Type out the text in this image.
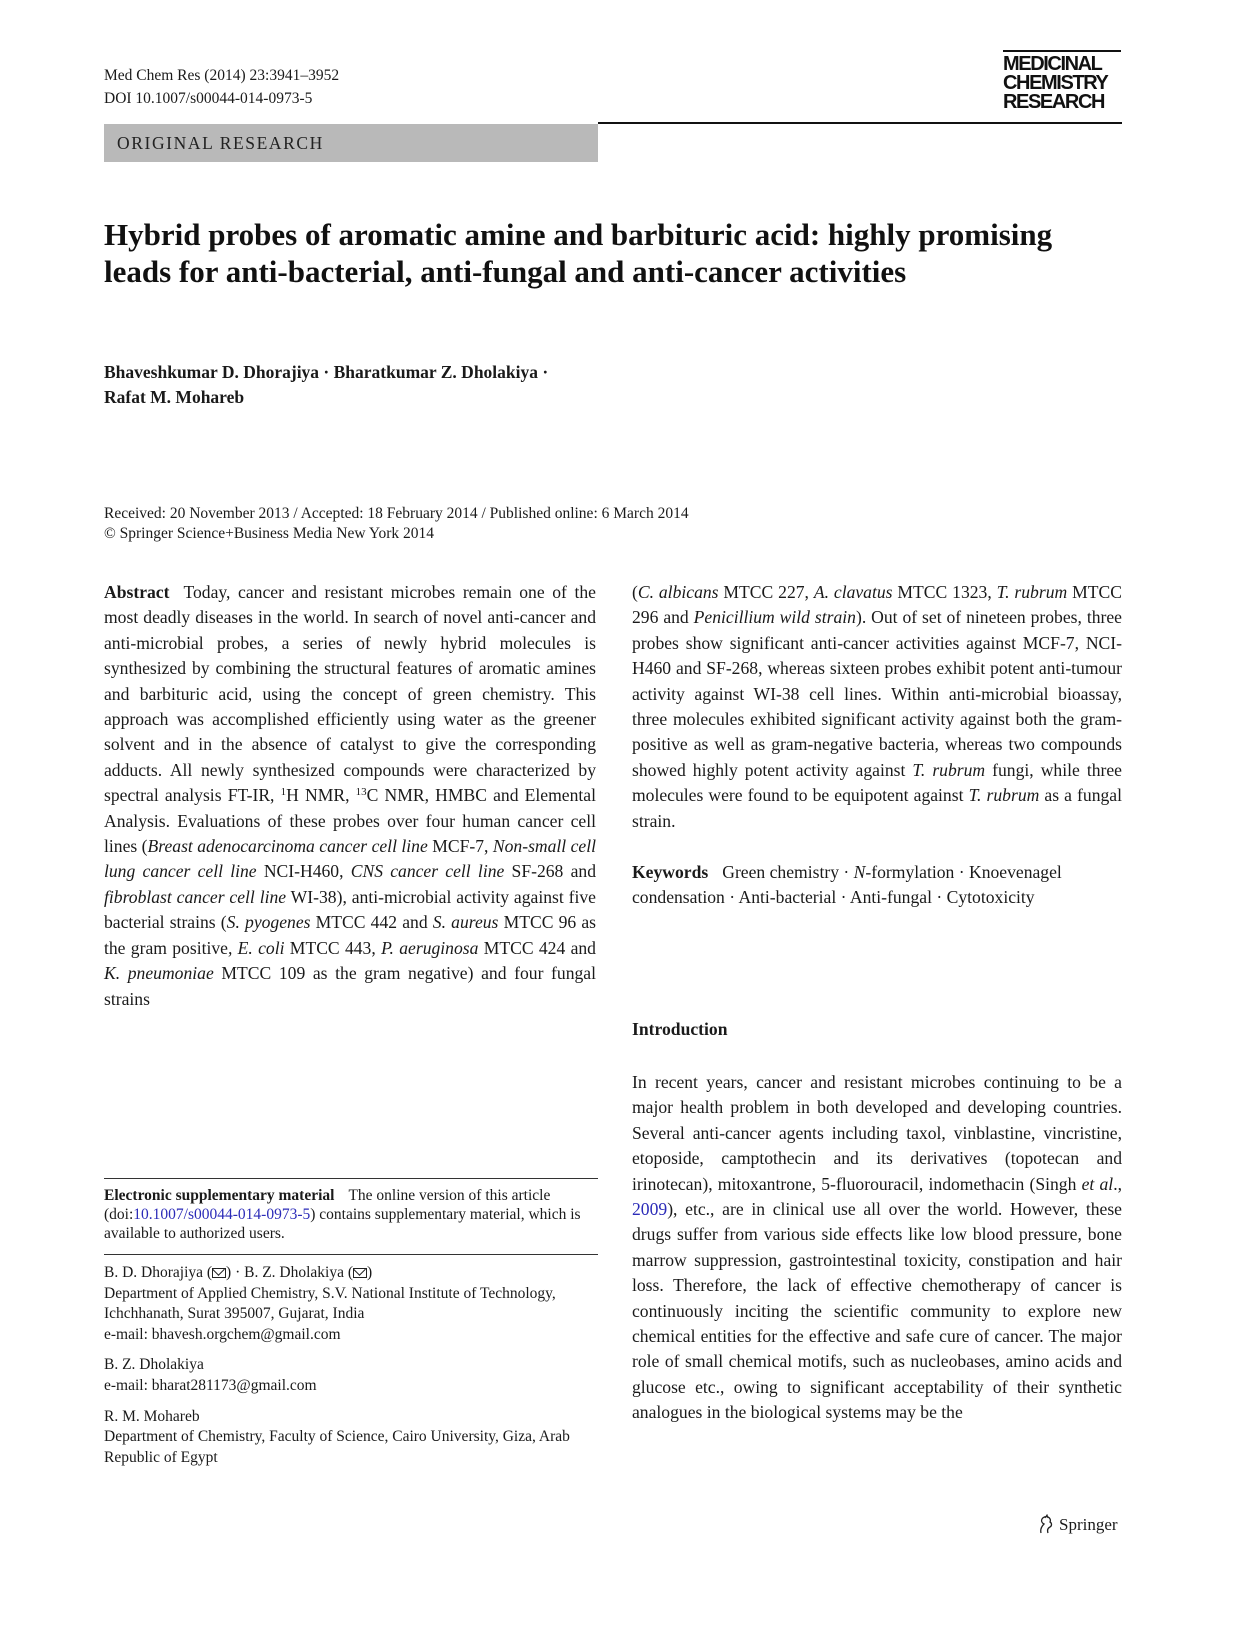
Med Chem Res (2014) 23:3941–3952
DOI 10.1007/s00044-014-0973-5
MEDICINAL
CHEMISTRY
RESEARCH
ORIGINAL RESEARCH
Hybrid probes of aromatic amine and barbituric acid: highly promising leads for anti-bacterial, anti-fungal and anti-cancer activities
Bhaveshkumar D. Dhorajiya · Bharatkumar Z. Dholakiya ·
Rafat M. Mohareb
Received: 20 November 2013 / Accepted: 18 February 2014 / Published online: 6 March 2014
© Springer Science+Business Media New York 2014

Abstract Today, cancer and resistant microbes remain one of the most deadly diseases in the world. In search of novel anti-cancer and anti-microbial probes, a series of newly hybrid molecules is synthesized by combining the structural features of aromatic amines and barbituric acid, using the concept of green chemistry. This approach was accomplished efficiently using water as the greener solvent and in the absence of catalyst to give the corresponding adducts. All newly synthesized compounds were characterized by spectral analysis FT-IR, $^1$H NMR, $^{13}$C NMR, HMBC and Elemental Analysis. Evaluations of these probes over four human cancer cell lines (Breast adenocarcinoma cancer cell line MCF-7, Non-small cell lung cancer cell line NCI-H460, CNS cancer cell line SF-268 and fibroblast cancer cell line WI-38), anti-microbial activity against five bacterial strains (S. pyogenes MTCC 442 and S. aureus MTCC 96 as the gram positive, E. coli MTCC 443, P. aeruginosa MTCC 424 and K. pneumoniae MTCC 109 as the gram negative) and four fungal strains

Electronic supplementary material The online version of this article (doi:10.1007/s00044-014-0973-5) contains supplementary material, which is available to authorized users.
B. D. Dhorajiya ( ) · B. Z. Dholakiya ( )
Department of Applied Chemistry, S.V. National Institute of Technology, Ichchhanath, Surat 395007, Gujarat, India
e-mail: bhavesh.orgchem@gmail.com
B. Z. Dholakiya
e-mail: bharat281173@gmail.com
R. M. Mohareb
Department of Chemistry, Faculty of Science, Cairo University, Giza, Arab Republic of Egypt

(C. albicans MTCC 227, A. clavatus MTCC 1323, T. rubrum MTCC 296 and Penicillium wild strain). Out of set of nineteen probes, three probes show significant anti-cancer activities against MCF-7, NCI-H460 and SF-268, whereas sixteen probes exhibit potent anti-tumour activity against WI-38 cell lines. Within anti-microbial bioassay, three molecules exhibited significant activity against both the gram-positive as well as gram-negative bacteria, whereas two compounds showed highly potent activity against T. rubrum fungi, while three molecules were found to be equipotent against T. rubrum as a fungal strain.

Keywords Green chemistry · N-formylation · Knoevenagel condensation · Anti-bacterial · Anti-fungal · Cytotoxicity

Introduction

In recent years, cancer and resistant microbes continuing to be a major health problem in both developed and developing countries. Several anti-cancer agents including taxol, vinblastine, vincristine, etoposide, camptothecin and its derivatives (topotecan and irinotecan), mitoxantrone, 5-fluorouracil, indomethacin (Singh et al., 2009), etc., are in clinical use all over the world. However, these drugs suffer from various side effects like low blood pressure, bone marrow suppression, gastrointestinal toxicity, constipation and hair loss. Therefore, the lack of effective chemotherapy of cancer is continuously inciting the scientific community to explore new chemical entities for the effective and safe cure of cancer. The major role of small chemical motifs, such as nucleobases, amino acids and glucose etc., owing to significant acceptability of their synthetic analogues in the biological systems may be the

Springer
